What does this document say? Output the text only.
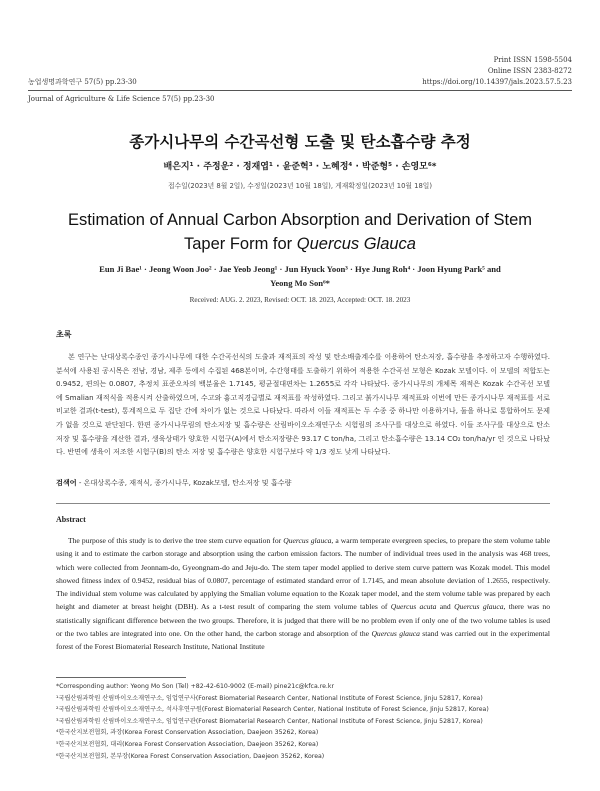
Print ISSN 1598-5504
Online ISSN 2383-8272
https://doi.org/10.14397/jals.2023.57.5.23
농업생명과학연구 57(5) pp.23-30
Journal of Agriculture & Life Science 57(5) pp.23-30
종가시나무의 수간곡선형 도출 및 탄소흡수량 추정
배은지¹ · 주정운² · 정재엽¹ · 윤준혁³ · 노혜정⁴ · 박준형⁵ · 손영모⁶*
접수일(2023년 8월 2일), 수정일(2023년 10월 18일), 게재확정일(2023년 10월 18일)
Estimation of Annual Carbon Absorption and Derivation of Stem
Taper Form for Quercus Glauca
Eun Ji Bae¹ · Jeong Woon Joo² · Jae Yeob Jeong¹ · Jun Hyuck Yoon³ · Hye Jung Roh⁴ · Joon Hyung Park⁵ and
Yeong Mo Son⁶*
Received: AUG. 2. 2023, Revised: OCT. 18. 2023, Accepted: OCT. 18. 2023
초록
본 연구는 난대상록수종인 종가시나무에 대한 수간곡선식의 도출과 재적표의 작성 및 탄소배출계수를 이용하여 탄소저장, 흡수량을 추정하고자 수행하였다. 분석에 사용된 공시목은 전남, 경남, 제주 등에서 수집된 468본이며, 수간형태를 도출하기 위하여 적용한 수간곡선 모형은 Kozak 모델이다. 이 모델의 적합도는 0.9452, 편의는 0.0807, 추정치 표준오차의 백분율은 1.7145, 평균절대편차는 1.2655로 각각 나타났다. 종가시나무의 개체목 재적은 Kozak 수간곡선 모델에 Smalian 재적식을 적용시켜 산출하였으며, 수고와 흉고직경급별로 재적표를 작성하였다. 그리고 붉가시나무 재적표와 이번에 만든 종가시나무 재적표를 서로 비교한 결과(t-test), 통계적으로 두 집단 간에 차이가 없는 것으로 나타났다. 따라서 이들 재적표는 두 수종 중 하나만 이용하거나, 둘을 하나로 통합하여도 문제가 없을 것으로 판단된다. 한편 종가시나무림의 탄소저장 및 흡수량은 산림바이오소재연구소 시험림의 조사구를 대상으로 하였다. 이들 조사구를 대상으로 탄소저장 및 흡수량을 계산한 결과, 생육상태가 양호한 시험구(A)에서 탄소저장량은 93.17 C ton/ha, 그리고 탄소흡수량은 13.14 CO₂ ton/ha/yr 인 것으로 나타났다. 반면에 생육이 저조한 시험구(B)의 탄소 저장 및 흡수량은 양호한 시험구보다 약 1/3 정도 낮게 나타났다.
검색어 - 온대상록수종, 재적식, 종가시나무, Kozak모델, 탄소저장 및 흡수량
Abstract
The purpose of this study is to derive the tree stem curve equation for Quercus glauca, a warm temperate evergreen species, to prepare the stem volume table using it and to estimate the carbon storage and absorption using the carbon emission factors. The number of individual trees used in the analysis was 468 trees, which were collected from Jeonnam-do, Gyeongnam-do and Jeju-do. The stem taper model applied to derive stem curve pattern was Kozak model. This model showed fitness index of 0.9452, residual bias of 0.0807, percentage of estimated standard error of 1.7145, and mean absolute deviation of 1.2655, respectively. The individual stem volume was calculated by applying the Smalian volume equation to the Kozak taper model, and the stem volume table was prepared by each height and diameter at breast height (DBH). As a t-test result of comparing the stem volume tables of Quercus acuta and Quercus glauca, there was no statistically significant difference between the two groups. Therefore, it is judged that there will be no problem even if only one of the two volume tables is used or the two tables are integrated into one. On the other hand, the carbon storage and absorption of the Quercus glauca stand was carried out in the experimental forest of the Forest Biomaterial Research Institute, National Institute
*Corresponding author: Yeong Mo Son (Tel) +82-42-610-9002 (E-mail) pine21c@kfca.re.kr
¹국립산림과학원 산림바이오소재연구소, 임업연구사(Forest Biomaterial Research Center, National Institute of Forest Science, Jinju 52817, Korea)
²국립산림과학원 산림바이오소재연구소, 석사후연구원(Forest Biomaterial Research Center, National Institute of Forest Science, Jinju 52817, Korea)
³국립산림과학원 산림바이오소재연구소, 임업연구관(Forest Biomaterial Research Center, National Institute of Forest Science, Jinju 52817, Korea)
⁴한국산지보전협회, 과장(Korea Forest Conservation Association, Daejeon 35262, Korea)
⁵한국산지보전협회, 대리(Korea Forest Conservation Association, Daejeon 35262, Korea)
⁶한국산지보전협회, 본부장(Korea Forest Conservation Association, Daejeon 35262, Korea)
